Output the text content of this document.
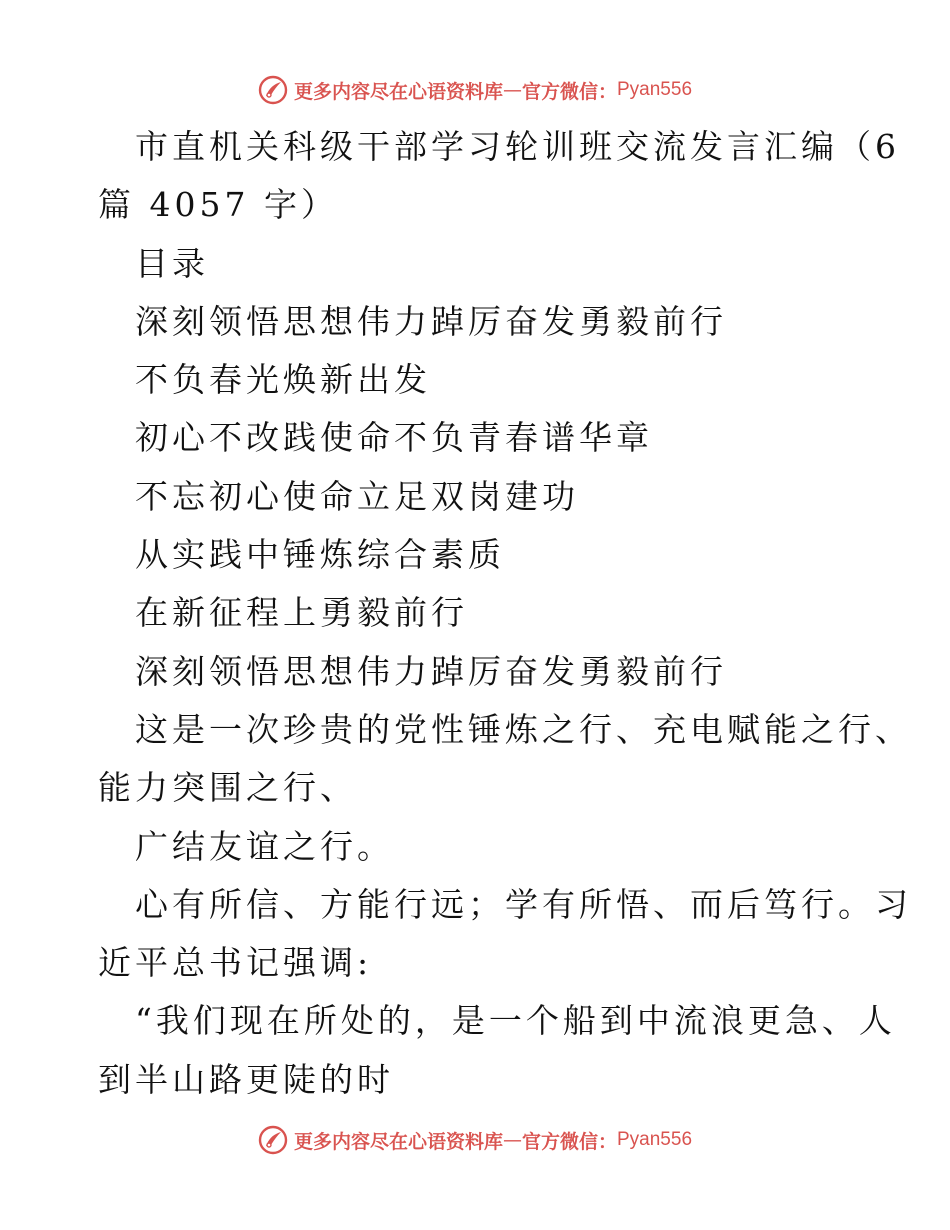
更多内容尽在心语资料库 — 官方微信： Pyan556
市直机关科级干部学习轮训班交流发言汇编（6
篇 4057 字）
目录
深刻领悟思想伟力踔厉奋发勇毅前行
不负春光焕新出发
初心不改践使命不负青春谱华章
不忘初心使命立足双岗建功
从实践中锤炼综合素质
在新征程上勇毅前行
深刻领悟思想伟力踔厉奋发勇毅前行
这是一次珍贵的党性锤炼之行、充电赋能之行、
能力突围之行、
广结友谊之行。
心有所信、方能行远；学有所悟、而后笃行。习
近平总书记强调:
“我们现在所处的，是一个船到中流浪更急、人
到半山路更陡的时
更多内容尽在心语资料库 — 官方微信： Pyan556
